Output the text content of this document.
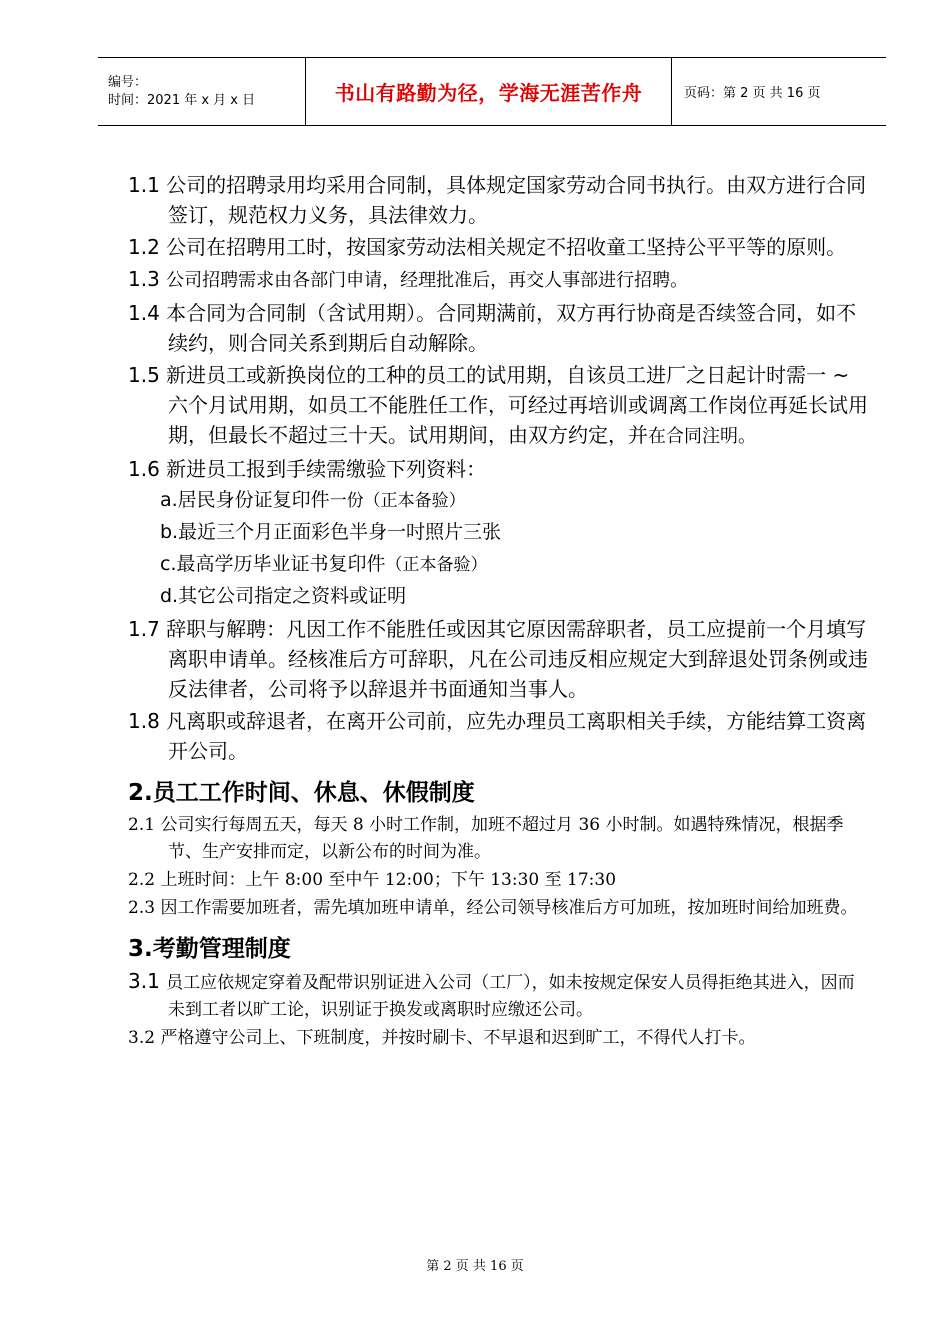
编号：
时间：2021 年 x 月 x 日	书山有路勤为径，学海无涯苦作舟	页码：第 2 页 共 16 页

1.1 公司的招聘录用均采用合同制，具体规定国家劳动合同书执行。由双方进行合同签订，规范权力义务，具法律效力。

1.2 公司在招聘用工时，按国家劳动法相关规定不招收童工坚持公平平等的原则。

1.3 公司招聘需求由各部门申请，经理批准后，再交人事部进行招聘。

1.4 本合同为合同制（含试用期）。合同期满前，双方再行协商是否续签合同，如不续约，则合同关系到期后自动解除。

1.5 新进员工或新换岗位的工种的员工的试用期，自该员工进厂之日起计时需一 ~ 六个月试用期，如员工不能胜任工作，可经过再培训或调离工作岗位再延长试用期，但最长不超过三十天。试用期间，由双方约定，并在合同注明。

1.6 新进员工报到手续需缴验下列资料：

a.居民身份证复印件一份（正本备验）

b.最近三个月正面彩色半身一吋照片三张

c.最高学历毕业证书复印件（正本备验）

d.其它公司指定之资料或证明

1.7 辞职与解聘：凡因工作不能胜任或因其它原因需辞职者，员工应提前一个月填写离职申请单。经核准后方可辞职，凡在公司违反相应规定大到辞退处罚条例或违反法律者，公司将予以辞退并书面通知当事人。

1.8 凡离职或辞退者，在离开公司前，应先办理员工离职相关手续，方能结算工资离开公司。

2.员工工作时间、休息、休假制度

2.1 公司实行每周五天，每天 8 小时工作制，加班不超过月 36 小时制。如遇特殊情况，根据季节、生产安排而定，以新公布的时间为准。

2.2 上班时间：上午 8:00 至中午 12:00；下午 13:30 至 17:30

2.3 因工作需要加班者，需先填加班申请单，经公司领导核准后方可加班，按加班时间给加班费。

3.考勤管理制度

3.1 员工应依规定穿着及配带识别证进入公司（工厂），如未按规定保安人员得拒绝其进入，因而未到工者以旷工论，识别证于换发或离职时应缴还公司。

3.2 严格遵守公司上、下班制度，并按时刷卡、不早退和迟到旷工，不得代人打卡。

第 2 页 共 16 页
